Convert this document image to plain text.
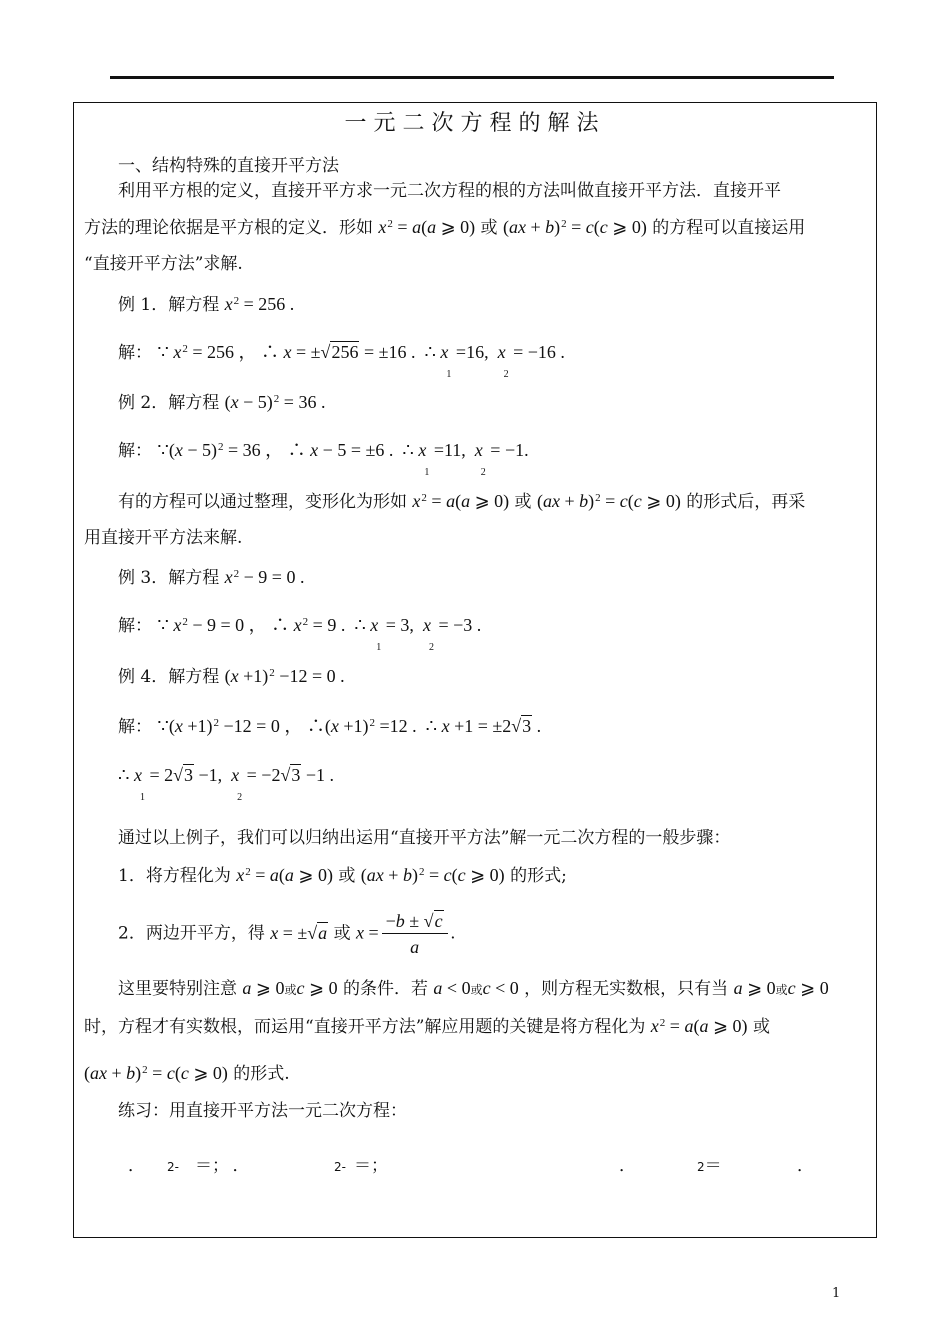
一元二次方程的解法
一、结构特殊的直接开平方法
利用平方根的定义，直接开平方求一元二次方程的根的方法叫做直接开平方法．直接开平
方法的理论依据是平方根的定义．形如 $x^2 = a(a$ ⩾ 0) 或 (ax + b)$^2$ = c(c ⩾ 0) 的方程可以直接运用
“直接开平方法”求解.
例 1．解方程 $x^2 = 256$ .
解： ∵ $x^2 = 256$ ， ∴ x = ±√256 = ±16 .  ∴ $x_1 =16$,  $x_2 = -16$ .
例 2．解方程 $(x - 5)^2 = 36$ .
解： ∵(x − 5)$^2$ = 36 ， ∴ x − 5 = ±6 .  ∴ $x_1 =11$,  $x_2 = -1$.
有的方程可以通过整理，变形化为形如 $x^2 = a(a$ ⩾ 0) 或 (ax + b)$^2$ = c(c ⩾ 0) 的形式后，再采
用直接开平方法来解.
例 3．解方程 $x^2 - 9 = 0$ .
解： ∵ $x^2 - 9 = 0$ ， ∴ $x^2 = 9$ .  ∴ $x_1 = 3$,  $x_2 = -3$ .
例 4．解方程 $(x +1)^2 -12 = 0$ .
解： ∵(x +1)$^2$ −12 = 0 ， ∴(x +1)$^2$ =12 .  ∴ x +1 = ±2√3 .
∴ $x_1 = 2√3 -1$,  $x_2 = -2√3 -1$ .
通过以上例子，我们可以归纳出运用“直接开平方法”解一元二次方程的一般步骤：
1．将方程化为 $x^2 = a(a$ ⩾ 0) 或 (ax + b)$^2$ = c(c ⩾ 0) 的形式;
2．两边开平方，得 x = ±√a 或 $x = \frac{-b \pm √c}{a}$ .
这里要特别注意 a ⩾ 0或c ⩾ 0 的条件．若 a < 0或c < 0 ，则方程无实数根，只有当 a ⩾ 0或c ⩾ 0
时，方程才有实数根，而运用“直接开平方法”解应用题的关键是将方程化为 $x^2 = a(a$ ⩾ 0) 或
(ax + b)$^2$ = c(c ⩾ 0) 的形式.
练习：用直接开平方法一元二次方程：
． 2- ＝； ．	2- ＝；	．	2＝	．
1
